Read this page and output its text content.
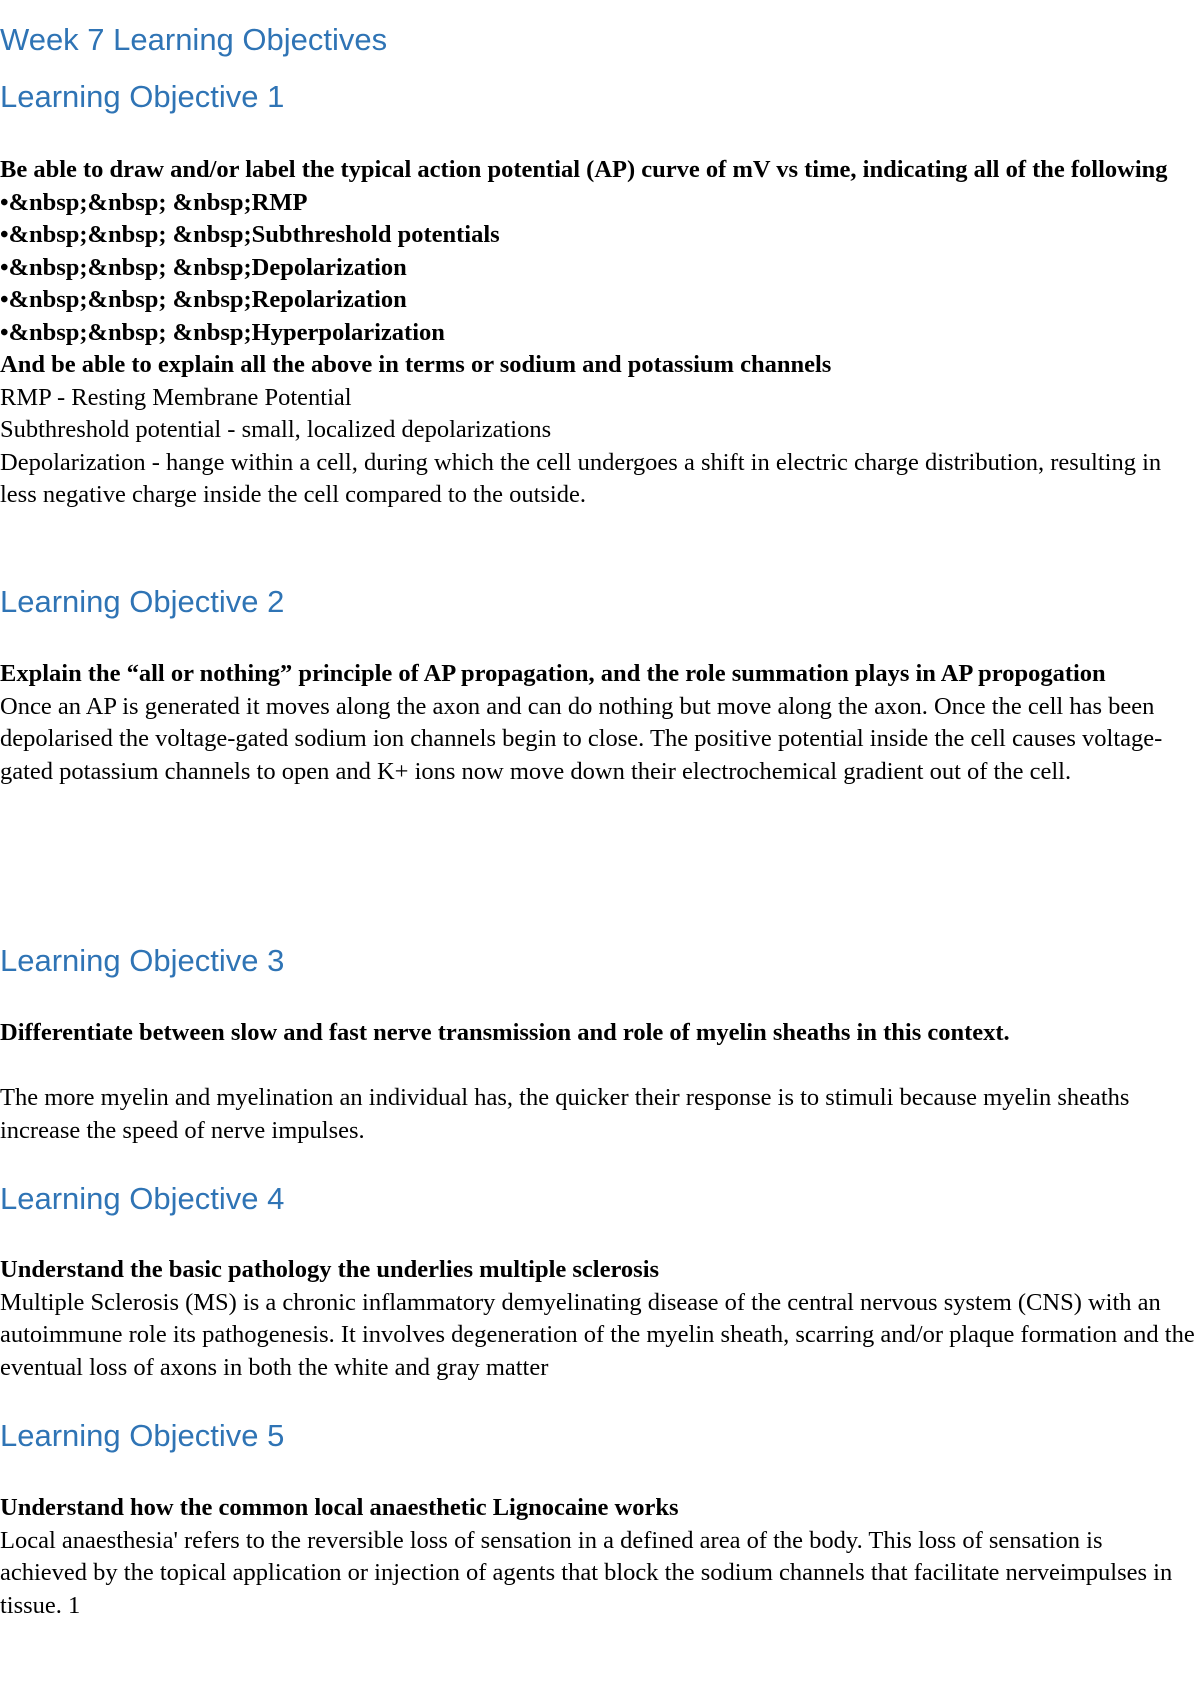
Week 7 Learning Objectives
Learning Objective 1

Be able to draw and/or label the typical action potential (AP) curve of mV vs time, indicating all of the following

•&nbsp;&nbsp; &nbsp;RMP

•&nbsp;&nbsp; &nbsp;Subthreshold potentials

•&nbsp;&nbsp; &nbsp;Depolarization

•&nbsp;&nbsp; &nbsp;Repolarization

•&nbsp;&nbsp; &nbsp;Hyperpolarization

And be able to explain all the above in terms or sodium and potassium channels

RMP - Resting Membrane Potential

Subthreshold potential - small, localized depolarizations

Depolarization - hange within a cell, during which the cell undergoes a shift in electric charge distribution, resulting in less negative charge inside the cell compared to the outside.

Learning Objective 2

Explain the “all or nothing” principle of AP propagation, and the role summation plays in AP propogation

Once an AP is generated it moves along the axon and can do nothing but move along the axon. Once the cell has been depolarised the voltage-gated sodium ion channels begin to close. The positive potential inside the cell causes voltage-gated potassium channels to open and K+ ions now move down their electrochemical gradient out of the cell.

Learning Objective 3

Differentiate between slow and fast nerve transmission and role of myelin sheaths in this context.

The more myelin and myelination an individual has, the quicker their response is to stimuli because myelin sheaths increase the speed of nerve impulses.

Learning Objective 4

Understand the basic pathology the underlies multiple sclerosis

Multiple Sclerosis (MS) is a chronic inflammatory demyelinating disease of the central nervous system (CNS) with an autoimmune role its pathogenesis. It involves degeneration of the myelin sheath, scarring and/or plaque formation and the eventual loss of axons in both the white and gray matter

Learning Objective 5

Understand how the common local anaesthetic Lignocaine works

Local anaesthesia' refers to the reversible loss of sensation in a defined area of the body. This loss of sensation is achieved by the topical application or injection of agents that block the sodium channels that facilitate nerveimpulses in tissue. 1
